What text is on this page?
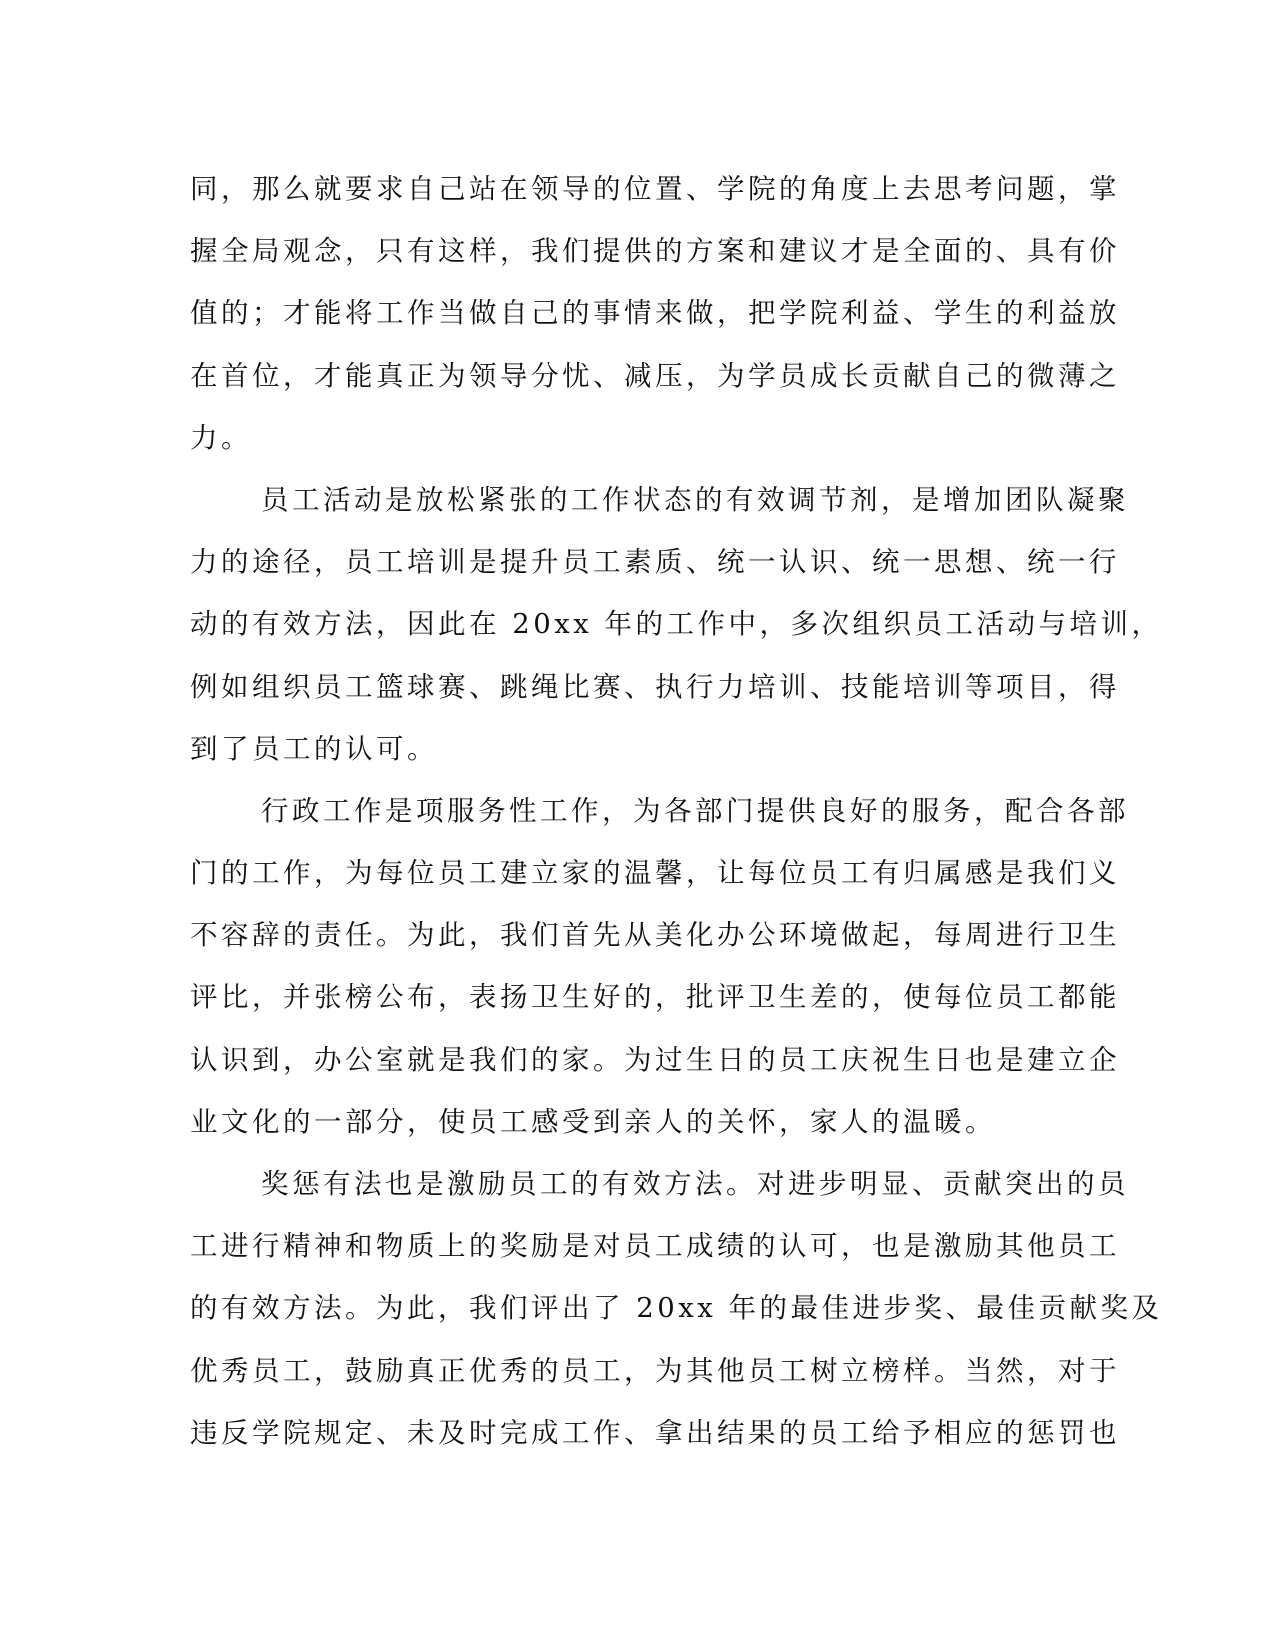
同，那么就要求自己站在领导的位置、学院的角度上去思考问题，掌
握全局观念，只有这样，我们提供的方案和建议才是全面的、具有价
值的；才能将工作当做自己的事情来做，把学院利益、学生的利益放
在首位，才能真正为领导分忧、减压，为学员成长贡献自己的微薄之
力。
员工活动是放松紧张的工作状态的有效调节剂，是增加团队凝聚
力的途径，员工培训是提升员工素质、统一认识、统一思想、统一行
动的有效方法，因此在 20xx 年的工作中，多次组织员工活动与培训，
例如组织员工篮球赛、跳绳比赛、执行力培训、技能培训等项目，得
到了员工的认可。
行政工作是项服务性工作，为各部门提供良好的服务，配合各部
门的工作，为每位员工建立家的温馨，让每位员工有归属感是我们义
不容辞的责任。为此，我们首先从美化办公环境做起，每周进行卫生
评比，并张榜公布，表扬卫生好的，批评卫生差的，使每位员工都能
认识到，办公室就是我们的家。为过生日的员工庆祝生日也是建立企
业文化的一部分，使员工感受到亲人的关怀，家人的温暖。
奖惩有法也是激励员工的有效方法。对进步明显、贡献突出的员
工进行精神和物质上的奖励是对员工成绩的认可，也是激励其他员工
的有效方法。为此，我们评出了 20xx 年的最佳进步奖、最佳贡献奖及
优秀员工，鼓励真正优秀的员工，为其他员工树立榜样。当然，对于
违反学院规定、未及时完成工作、拿出结果的员工给予相应的惩罚也
